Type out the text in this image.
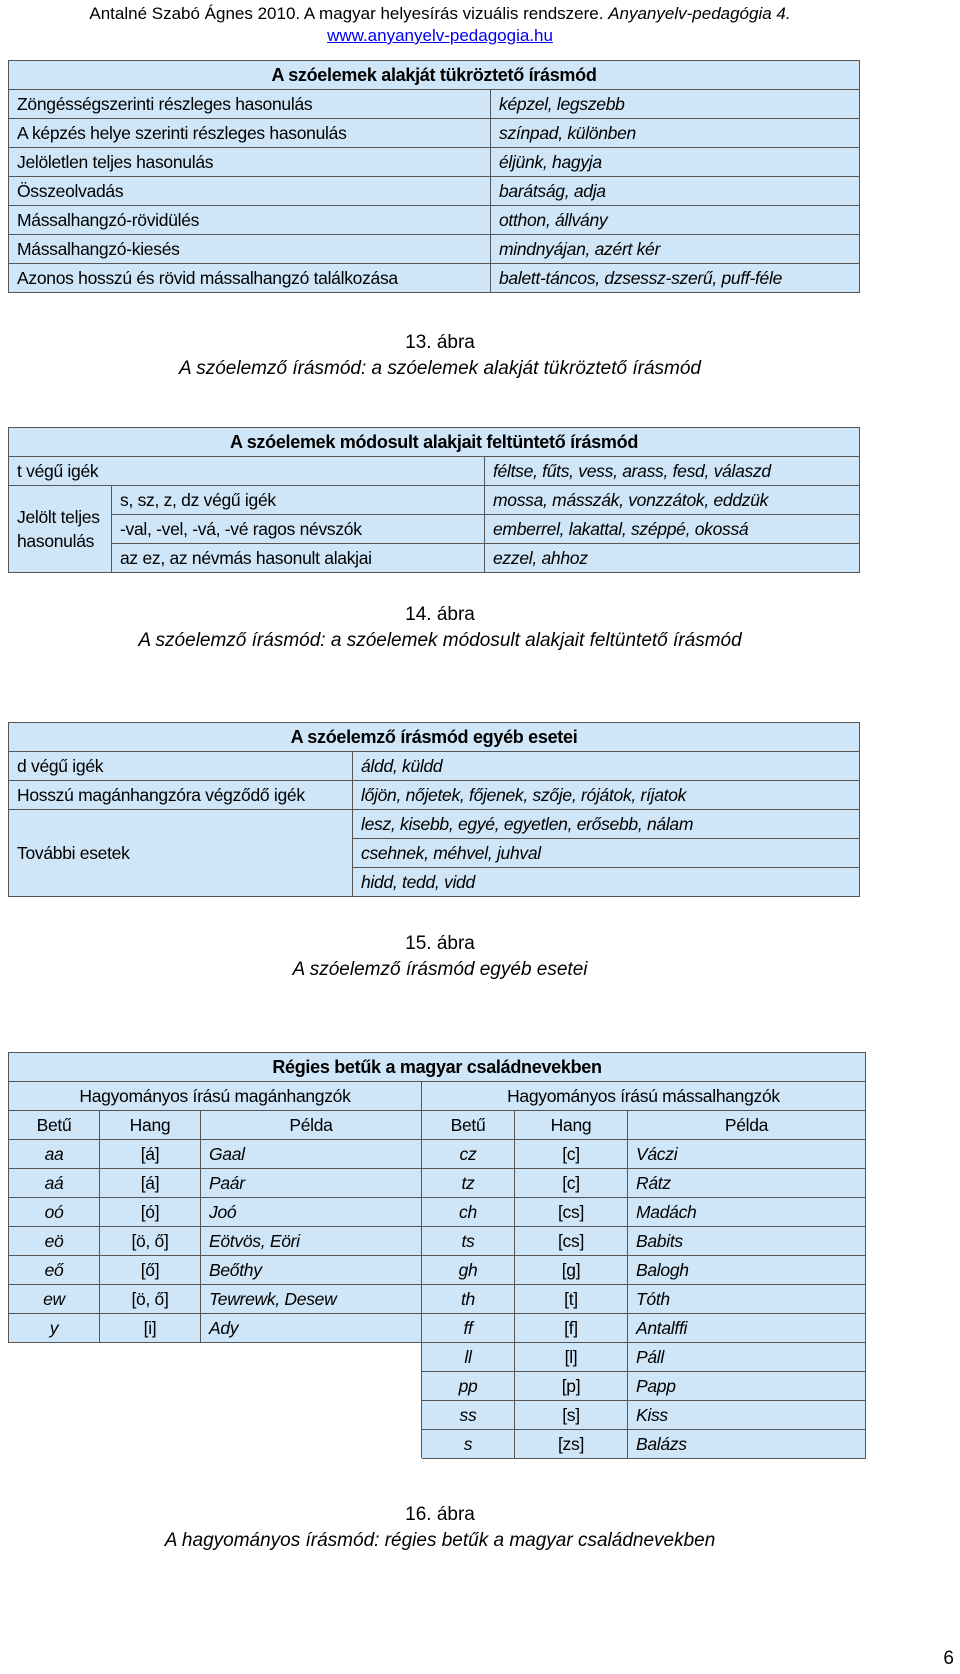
Antalné Szabó Ágnes 2010. A magyar helyesírás vizuális rendszere. Anyanyelv-pedagógia 4.
www.anyanyelv-pedagogia.hu
A szóelemek alakját tükröztető írásmód	
Zöngésségszerinti részleges hasonulás	képzel, legszebb
A képzés helye szerinti részleges hasonulás	színpad, különben
Jelöletlen teljes hasonulás	éljünk, hagyja
Összeolvadás	barátság, adja
Mássalhangzó-rövidülés	otthon, állvány
Mássalhangzó-kiesés	mindnyájan, azért kér
Azonos hosszú és rövid mássalhangzó találkozása	balett-táncos, dzsessz-szerű, puff-féle
13. ábra
A szóelemző írásmód: a szóelemek alakját tükröztető írásmód
A szóelemek módosult alakjait feltüntető írásmód		
t végű igék		féltse, fűts, vess, arass, fesd, válaszd
Jelölt teljes hasonulás	s, sz, z, dz végű igék	mossa, másszák, vonzzátok, eddzük
	-val, -vel, -vá, -vé ragos névszók	emberrel, lakattal, széppé, okossá
	az ez, az névmás hasonult alakjai	ezzel, ahhoz
14. ábra
A szóelemző írásmód: a szóelemek módosult alakjait feltüntető írásmód
A szóelemző írásmód egyéb esetei	
d végű igék	áldd, küldd
Hosszú magánhangzóra végződő igék	lőjön, nőjetek, főjenek, szője, rójátok, ríjatok
További esetek	lesz, kisebb, egyé, egyetlen, erősebb, nálam
	csehnek, méhvel, juhval
	hidd, tedd, vidd
15. ábra
A szóelemző írásmód egyéb esetei
Régies betűk a magyar családnevekben					
Hagyományos írású magánhangzók			Hagyományos írású mássalhangzók		
Betű	Hang	Példa	Betű	Hang	Példa
aa	[á]	Gaal	cz	[c]	Váczi
aá	[á]	Paár	tz	[c]	Rátz
oó	[ó]	Joó	ch	[cs]	Madách
eö	[ö, ő]	Eötvös, Eöri	ts	[cs]	Babits
eő	[ő]	Beőthy	gh	[g]	Balogh
ew	[ö, ő]	Tewrewk, Desew	th	[t]	Tóth
y	[i]	Ady	ff	[f]	Antalffi
			ll	[l]	Páll
			pp	[p]	Papp
			ss	[s]	Kiss
			s	[zs]	Balázs
16. ábra
A hagyományos írásmód: régies betűk a magyar családnevekben
6
